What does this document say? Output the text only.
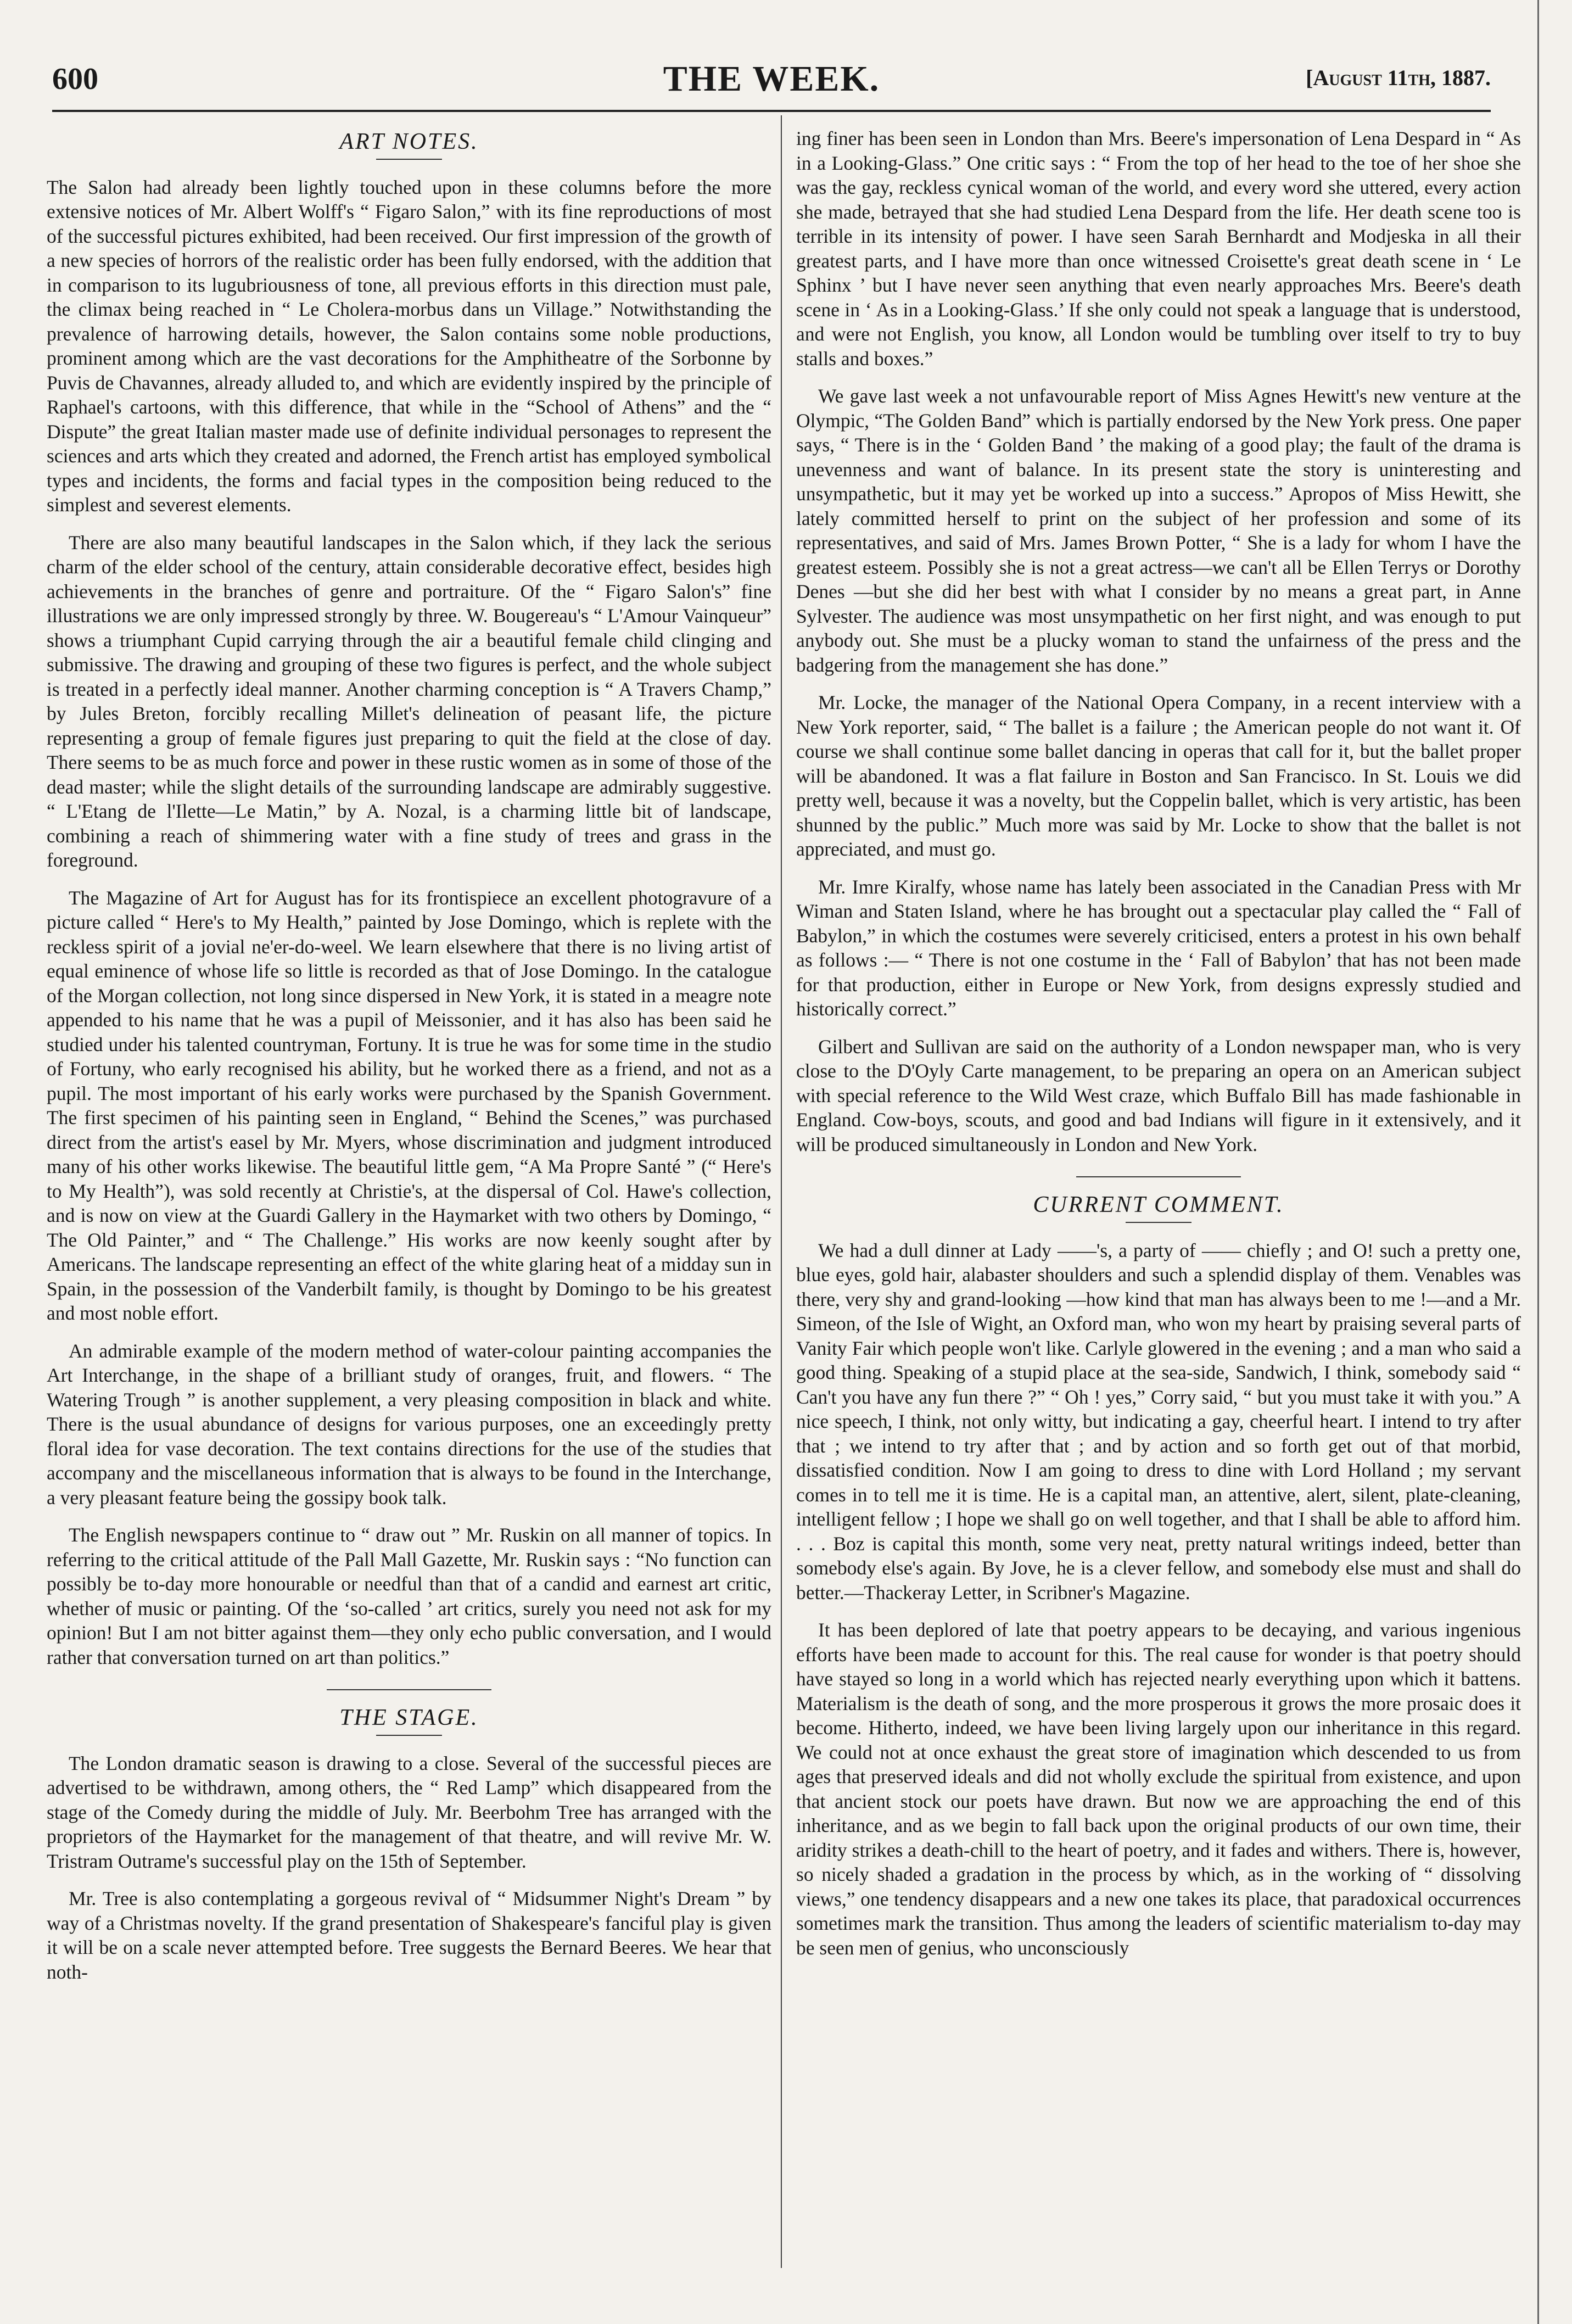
600	THE WEEK.	[August 11th, 1887.
ART NOTES.

The Salon had already been lightly touched upon in these columns before the more extensive notices of Mr. Albert Wolff's “ Figaro Salon,” with its fine reproductions of most of the successful pictures exhibited, had been received. Our first impression of the growth of a new species of horrors of the realistic order has been fully endorsed, with the addition that in comparison to its lugubriousness of tone, all previous efforts in this direction must pale, the climax being reached in “ Le Cholera-morbus dans un Village.” Notwithstanding the prevalence of harrowing details, however, the Salon contains some noble productions, prominent among which are the vast decorations for the Amphitheatre of the Sorbonne by Puvis de Chavannes, already alluded to, and which are evidently inspired by the principle of Raphael's cartoons, with this difference, that while in the “School of Athens” and the “ Dispute” the great Italian master made use of definite individual personages to represent the sciences and arts which they created and adorned, the French artist has employed symbolical types and incidents, the forms and facial types in the composition being reduced to the simplest and severest elements.

There are also many beautiful landscapes in the Salon which, if they lack the serious charm of the elder school of the century, attain considerable decorative effect, besides high achievements in the branches of genre and portraiture. Of the “ Figaro Salon's” fine illustrations we are only impressed strongly by three. W. Bougereau's “ L'Amour Vainqueur” shows a triumphant Cupid carrying through the air a beautiful female child clinging and submissive. The drawing and grouping of these two figures is perfect, and the whole subject is treated in a perfectly ideal manner. Another charming conception is “ A Travers Champ,” by Jules Breton, forcibly recalling Millet's delineation of peasant life, the picture representing a group of female figures just preparing to quit the field at the close of day. There seems to be as much force and power in these rustic women as in some of those of the dead master; while the slight details of the surrounding landscape are admirably suggestive. “ L'Etang de l'Ilette—Le Matin,” by A. Nozal, is a charming little bit of landscape, combining a reach of shimmering water with a fine study of trees and grass in the foreground.

The Magazine of Art for August has for its frontispiece an excellent photogravure of a picture called “ Here's to My Health,” painted by Jose Domingo, which is replete with the reckless spirit of a jovial ne'er-do-weel. We learn elsewhere that there is no living artist of equal eminence of whose life so little is recorded as that of Jose Domingo. In the catalogue of the Morgan collection, not long since dispersed in New York, it is stated in a meagre note appended to his name that he was a pupil of Meissonier, and it has also has been said he studied under his talented countryman, Fortuny. It is true he was for some time in the studio of Fortuny, who early recognised his ability, but he worked there as a friend, and not as a pupil. The most important of his early works were purchased by the Spanish Government. The first specimen of his painting seen in England, “ Behind the Scenes,” was purchased direct from the artist's easel by Mr. Myers, whose discrimination and judgment introduced many of his other works likewise. The beautiful little gem, “A Ma Propre Santé ” (“ Here's to My Health”), was sold recently at Christie's, at the dispersal of Col. Hawe's collection, and is now on view at the Guardi Gallery in the Haymarket with two others by Domingo, “ The Old Painter,” and “ The Challenge.” His works are now keenly sought after by Americans. The landscape representing an effect of the white glaring heat of a midday sun in Spain, in the possession of the Vanderbilt family, is thought by Domingo to be his greatest and most noble effort.

An admirable example of the modern method of water-colour painting accompanies the Art Interchange, in the shape of a brilliant study of oranges, fruit, and flowers. “ The Watering Trough ” is another supplement, a very pleasing composition in black and white. There is the usual abundance of designs for various purposes, one an exceedingly pretty floral idea for vase decoration. The text contains directions for the use of the studies that accompany and the miscellaneous information that is always to be found in the Interchange, a very pleasant feature being the gossipy book talk.

The English newspapers continue to “ draw out ” Mr. Ruskin on all manner of topics. In referring to the critical attitude of the Pall Mall Gazette, Mr. Ruskin says : “No function can possibly be to-day more honourable or needful than that of a candid and earnest art critic, whether of music or painting. Of the ‘so-called ’ art critics, surely you need not ask for my opinion! But I am not bitter against them—they only echo public conversation, and I would rather that conversation turned on art than politics.”

THE STAGE.

The London dramatic season is drawing to a close. Several of the successful pieces are advertised to be withdrawn, among others, the “ Red Lamp” which disappeared from the stage of the Comedy during the middle of July. Mr. Beerbohm Tree has arranged with the proprietors of the Haymarket for the management of that theatre, and will revive Mr. W. Tristram Outrame's successful play on the 15th of September.

Mr. Tree is also contemplating a gorgeous revival of “ Midsummer Night's Dream ” by way of a Christmas novelty. If the grand presentation of Shakespeare's fanciful play is given it will be on a scale never attempted before. Tree suggests the Bernard Beeres. We hear that noth-

ing finer has been seen in London than Mrs. Beere's impersonation of Lena Despard in “ As in a Looking-Glass.” One critic says : “ From the top of her head to the toe of her shoe she was the gay, reckless cynical woman of the world, and every word she uttered, every action she made, betrayed that she had studied Lena Despard from the life. Her death scene too is terrible in its intensity of power. I have seen Sarah Bernhardt and Modjeska in all their greatest parts, and I have more than once witnessed Croisette's great death scene in ‘ Le Sphinx ’ but I have never seen anything that even nearly approaches Mrs. Beere's death scene in ‘ As in a Looking-Glass.’ If she only could not speak a language that is understood, and were not English, you know, all London would be tumbling over itself to try to buy stalls and boxes.”

We gave last week a not unfavourable report of Miss Agnes Hewitt's new venture at the Olympic, “The Golden Band” which is partially endorsed by the New York press. One paper says, “ There is in the ‘ Golden Band ’ the making of a good play; the fault of the drama is unevenness and want of balance. In its present state the story is uninteresting and unsympathetic, but it may yet be worked up into a success.” Apropos of Miss Hewitt, she lately committed herself to print on the subject of her profession and some of its representatives, and said of Mrs. James Brown Potter, “ She is a lady for whom I have the greatest esteem. Possibly she is not a great actress—we can't all be Ellen Terrys or Dorothy Denes —but she did her best with what I consider by no means a great part, in Anne Sylvester. The audience was most unsympathetic on her first night, and was enough to put anybody out. She must be a plucky woman to stand the unfairness of the press and the badgering from the management she has done.”

Mr. Locke, the manager of the National Opera Company, in a recent interview with a New York reporter, said, “ The ballet is a failure ; the American people do not want it. Of course we shall continue some ballet dancing in operas that call for it, but the ballet proper will be abandoned. It was a flat failure in Boston and San Francisco. In St. Louis we did pretty well, because it was a novelty, but the Coppelin ballet, which is very artistic, has been shunned by the public.” Much more was said by Mr. Locke to show that the ballet is not appreciated, and must go.

Mr. Imre Kiralfy, whose name has lately been associated in the Canadian Press with Mr Wiman and Staten Island, where he has brought out a spectacular play called the “ Fall of Babylon,” in which the costumes were severely criticised, enters a protest in his own behalf as follows :— “ There is not one costume in the ‘ Fall of Babylon’ that has not been made for that production, either in Europe or New York, from designs expressly studied and historically correct.”

Gilbert and Sullivan are said on the authority of a London newspaper man, who is very close to the D'Oyly Carte management, to be preparing an opera on an American subject with special reference to the Wild West craze, which Buffalo Bill has made fashionable in England. Cow-boys, scouts, and good and bad Indians will figure in it extensively, and it will be produced simultaneously in London and New York.

CURRENT COMMENT.

We had a dull dinner at Lady ——'s, a party of —— chiefly ; and O! such a pretty one, blue eyes, gold hair, alabaster shoulders and such a splendid display of them. Venables was there, very shy and grand-looking —how kind that man has always been to me !—and a Mr. Simeon, of the Isle of Wight, an Oxford man, who won my heart by praising several parts of Vanity Fair which people won't like. Carlyle glowered in the evening ; and a man who said a good thing. Speaking of a stupid place at the sea-side, Sandwich, I think, somebody said “ Can't you have any fun there ?” “ Oh ! yes,” Corry said, “ but you must take it with you.” A nice speech, I think, not only witty, but indicating a gay, cheerful heart. I intend to try after that ; we intend to try after that ; and by action and so forth get out of that morbid, dissatisfied condition. Now I am going to dress to dine with Lord Holland ; my servant comes in to tell me it is time. He is a capital man, an attentive, alert, silent, plate-cleaning, intelligent fellow ; I hope we shall go on well together, and that I shall be able to afford him. . . . Boz is capital this month, some very neat, pretty natural writings indeed, better than somebody else's again. By Jove, he is a clever fellow, and somebody else must and shall do better.—Thackeray Letter, in Scribner's Magazine.

It has been deplored of late that poetry appears to be decaying, and various ingenious efforts have been made to account for this. The real cause for wonder is that poetry should have stayed so long in a world which has rejected nearly everything upon which it battens. Materialism is the death of song, and the more prosperous it grows the more prosaic does it become. Hitherto, indeed, we have been living largely upon our inheritance in this regard. We could not at once exhaust the great store of imagination which descended to us from ages that preserved ideals and did not wholly exclude the spiritual from existence, and upon that ancient stock our poets have drawn. But now we are approaching the end of this inheritance, and as we begin to fall back upon the original products of our own time, their aridity strikes a death-chill to the heart of poetry, and it fades and withers. There is, however, so nicely shaded a gradation in the process by which, as in the working of “ dissolving views,” one tendency disappears and a new one takes its place, that paradoxical occurrences sometimes mark the transition. Thus among the leaders of scientific materialism to-day may be seen men of genius, who unconsciously
